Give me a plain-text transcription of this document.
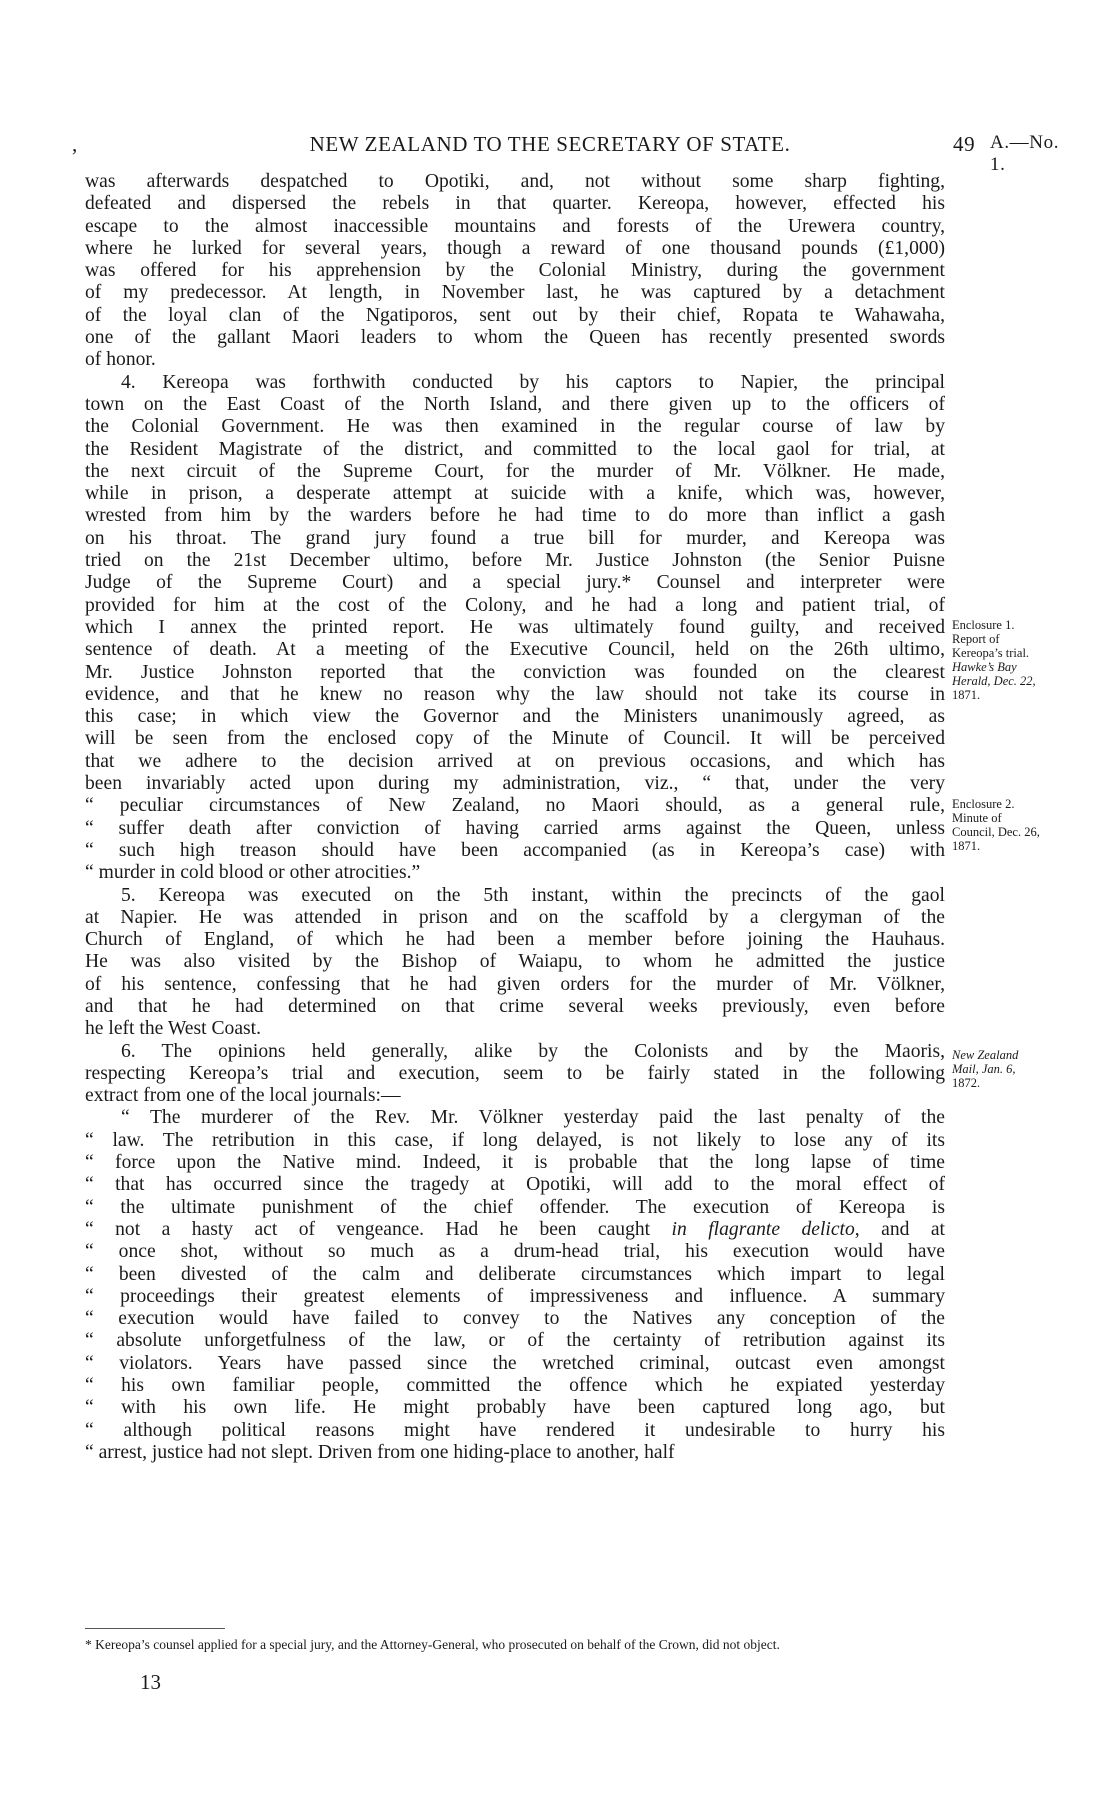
,	NEW ZEALAND TO THE SECRETARY OF STATE.	49 A.—No. 1.
was afterwards despatched to Opotiki, and, not without some sharp fighting,
defeated and dispersed the rebels in that quarter. Kereopa, however, effected his
escape to the almost inaccessible mountains and forests of the Urewera country,
where he lurked for several years, though a reward of one thousand pounds (£1,000)
was offered for his apprehension by the Colonial Ministry, during the government
of my predecessor. At length, in November last, he was captured by a detachment
of the loyal clan of the Ngatiporos, sent out by their chief, Ropata te Wahawaha,
one of the gallant Maori leaders to whom the Queen has recently presented swords
of honor.
4. Kereopa was forthwith conducted by his captors to Napier, the principal
town on the East Coast of the North Island, and there given up to the officers of
the Colonial Government. He was then examined in the regular course of law by
the Resident Magistrate of the district, and committed to the local gaol for trial, at
the next circuit of the Supreme Court, for the murder of Mr. Völkner. He made,
while in prison, a desperate attempt at suicide with a knife, which was, however,
wrested from him by the warders before he had time to do more than inflict a gash
on his throat. The grand jury found a true bill for murder, and Kereopa was
tried on the 21st December ultimo, before Mr. Justice Johnston (the Senior Puisne
Judge of the Supreme Court) and a special jury.* Counsel and interpreter were
provided for him at the cost of the Colony, and he had a long and patient trial, of
which I annex the printed report. He was ultimately found guilty, and received
sentence of death. At a meeting of the Executive Council, held on the 26th ultimo,
Mr. Justice Johnston reported that the conviction was founded on the clearest
evidence, and that he knew no reason why the law should not take its course in
this case; in which view the Governor and the Ministers unanimously agreed, as
will be seen from the enclosed copy of the Minute of Council. It will be perceived
that we adhere to the decision arrived at on previous occasions, and which has
been invariably acted upon during my administration, viz., “ that, under the very
“ peculiar circumstances of New Zealand, no Maori should, as a general rule,
“ suffer death after conviction of having carried arms against the Queen, unless
“ such high treason should have been accompanied (as in Kereopa’s case) with
“ murder in cold blood or other atrocities.”
5. Kereopa was executed on the 5th instant, within the precincts of the gaol
at Napier. He was attended in prison and on the scaffold by a clergyman of the
Church of England, of which he had been a member before joining the Hauhaus.
He was also visited by the Bishop of Waiapu, to whom he admitted the justice
of his sentence, confessing that he had given orders for the murder of Mr. Völkner,
and that he had determined on that crime several weeks previously, even before
he left the West Coast.
6. The opinions held generally, alike by the Colonists and by the Maoris,
respecting Kereopa’s trial and execution, seem to be fairly stated in the following
extract from one of the local journals:—
“ The murderer of the Rev. Mr. Völkner yesterday paid the last penalty of the
“ law. The retribution in this case, if long delayed, is not likely to lose any of its
“ force upon the Native mind. Indeed, it is probable that the long lapse of time
“ that has occurred since the tragedy at Opotiki, will add to the moral effect of
“ the ultimate punishment of the chief offender. The execution of Kereopa is
“ not a hasty act of vengeance. Had he been caught in flagrante delicto, and at
“ once shot, without so much as a drum-head trial, his execution would have
“ been divested of the calm and deliberate circumstances which impart to legal
“ proceedings their greatest elements of impressiveness and influence. A summary
“ execution would have failed to convey to the Natives any conception of the
“ absolute unforgetfulness of the law, or of the certainty of retribution against its
“ violators. Years have passed since the wretched criminal, outcast even amongst
“ his own familiar people, committed the offence which he expiated yesterday
“ with his own life. He might probably have been captured long ago, but
“ although political reasons might have rendered it undesirable to hurry his
“ arrest, justice had not slept. Driven from one hiding-place to another, half
Enclosure 1.
Report of
Kereopa’s trial.
Hawke’s Bay
Herald, Dec. 22,
1871.
Enclosure 2.
Minute of
Council, Dec. 26,
1871.
New Zealand
Mail, Jan. 6,
1872.
* Kereopa’s counsel applied for a special jury, and the Attorney-General, who prosecuted on behalf of the Crown, did not object.
13
